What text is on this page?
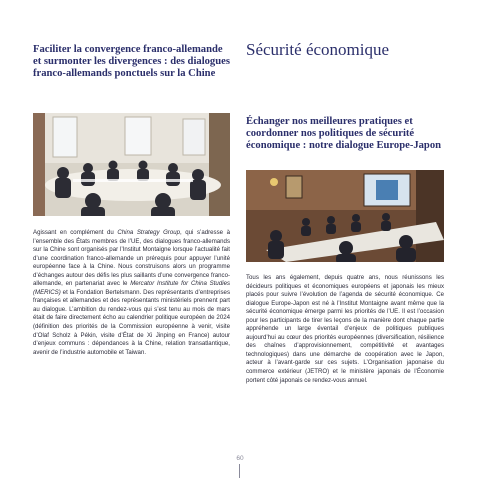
Faciliter la convergence franco-allemande et surmonter les divergences : des dialogues franco-allemands ponctuels sur la Chine
Sécurité économique
Échanger nos meilleures pratiques et coordonner nos politiques de sécurité économique : notre dialogue Europe-Japon

Agissant en complément du China Strategy Group, qui s’adresse à l’ensemble des États membres de l’UE, des dialogues franco-allemands sur la Chine sont organisés par l’Institut Montaigne lorsque l’actualité fait d’une coordination franco-allemande un prérequis pour appuyer l’unité européenne face à la Chine. Nous construisons alors un programme d’échanges autour des défis les plus saillants d’une convergence franco-allemande, en partenariat avec le Mercator Institute for China Studies (MERICS) et la Fondation Bertelsmann. Des représentants d’entreprises françaises et allemandes et des représentants ministériels prennent part au dialogue. L’ambition du rendez-vous qui s’est tenu au mois de mars était de faire directement écho au calendrier politique européen de 2024 (définition des priorités de la Commission européenne à venir, visite d’Olaf Scholz à Pékin, visite d’État de Xi Jinping en France) autour d’enjeux communs : dépendances à la Chine, relation transatlantique, avenir de l’industrie automobile et Taiwan.

Tous les ans également, depuis quatre ans, nous réunissons les décideurs politiques et économiques européens et japonais les mieux placés pour suivre l’évolution de l’agenda de sécurité économique. Ce dialogue Europe-Japon est né à l’Institut Montaigne avant même que la sécurité économique émerge parmi les priorités de l’UE. Il est l’occasion pour les participants de tirer les leçons de la manière dont chaque partie appréhende un large éventail d’enjeux de politiques publiques aujourd’hui au cœur des priorités européennes (diversification, résilience des chaînes d’approvisionnement, compétitivité et avantages technologiques) dans une démarche de coopération avec le Japon, acteur à l’avant-garde sur ces sujets. L’Organisation japonaise du commerce extérieur (JETRO) et le ministère japonais de l’Économie portent côté japonais ce rendez-vous annuel.

60
